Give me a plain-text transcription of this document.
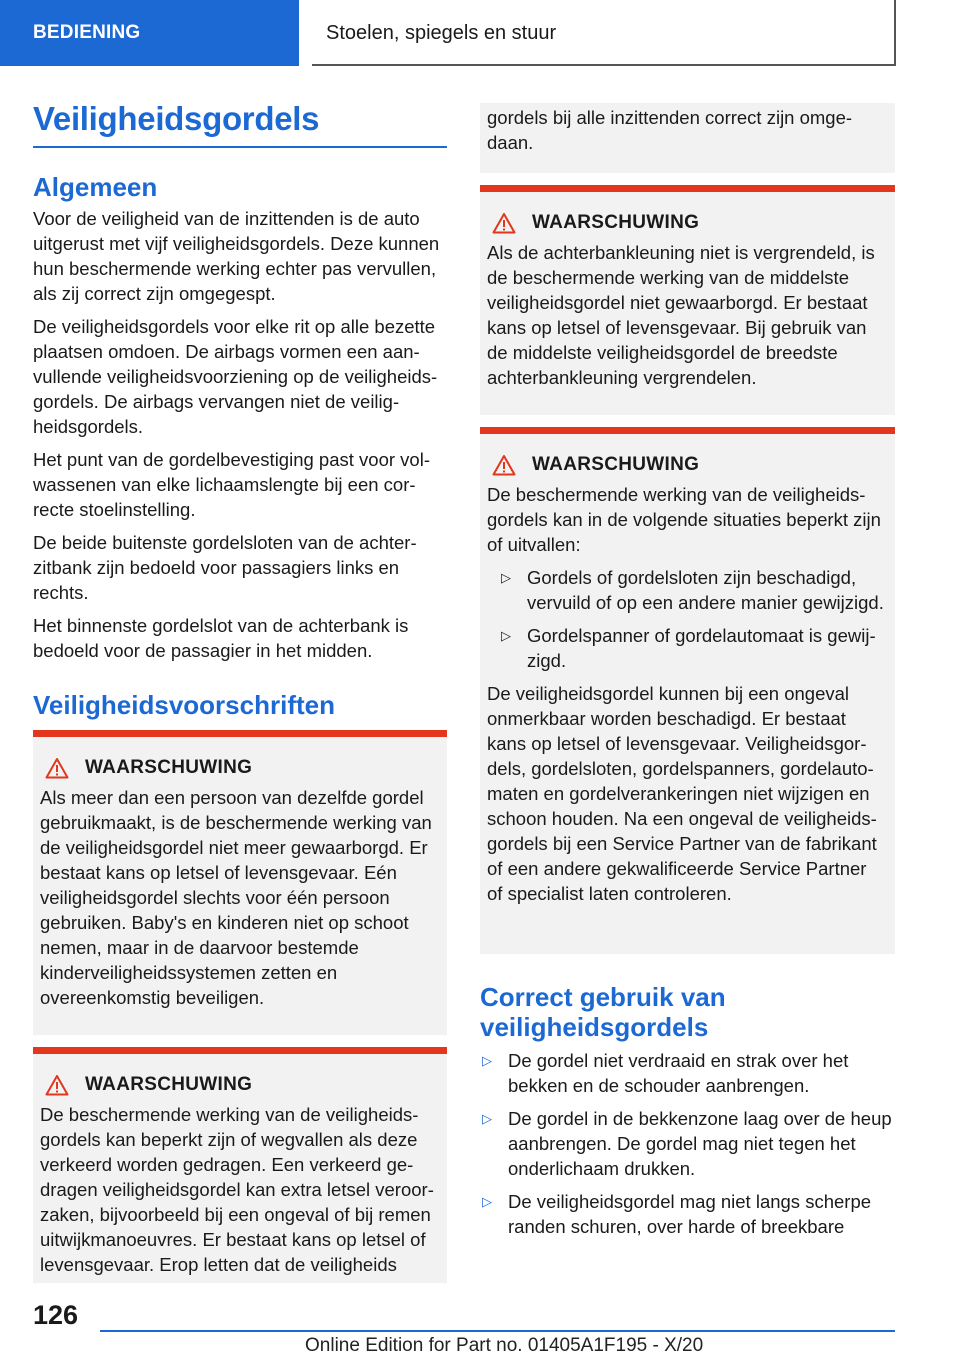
BEDIENING	Stoelen, spiegels en stuur
Veiligheidsgordels
Algemeen

Voor de veiligheid van de inzittenden is de auto uitgerust met vijf veiligheidsgordels. Deze kunnen hun beschermende werking echter pas vervullen, als zij correct zijn omgegespt.

De veiligheidsgordels voor elke rit op alle bezette plaatsen omdoen. De airbags vormen een aanvullende veiligheidsvoorziening op de veiligheidsgordels. De airbags vervangen niet de veiligheidsgordels.

Het punt van de gordelbevestiging past voor volwassenen van elke lichaamslengte bij een correcte stoelinstelling.

De beide buitenste gordelsloten van de achterzitbank zijn bedoeld voor passagiers links en rechts.

Het binnenste gordelslot van de achterbank is bedoeld voor de passagier in het midden.

Veiligheidsvoorschriften
WAARSCHUWING

Als meer dan een persoon van dezelfde gordel gebruikmaakt, is de beschermende werking van de veiligheidsgordel niet meer gewaarborgd. Er bestaat kans op letsel of levensgevaar. Eén veiligheidsgordel slechts voor één persoon gebruiken. Baby's en kinderen niet op schoot nemen, maar in de daarvoor bestemde kinderveiligheidssystemen zetten en overeenkomstig beveiligen.

WAARSCHUWING

De beschermende werking van de veiligheidsgordels kan beperkt zijn of wegvallen als deze verkeerd worden gedragen. Een verkeerd gedragen veiligheidsgordel kan extra letsel veroorzaken, bijvoorbeeld bij een ongeval of bij remen uitwijkmanoeuvres. Er bestaat kans op letsel of levensgevaar. Erop letten dat de veiligheids

gordels bij alle inzittenden correct zijn omgedaan.

WAARSCHUWING

Als de achterbankleuning niet is vergrendeld, is de beschermende werking van de middelste veiligheidsgordel niet gewaarborgd. Er bestaat kans op letsel of levensgevaar. Bij gebruik van de middelste veiligheidsgordel de breedste achterbankleuning vergrendelen.

WAARSCHUWING

De beschermende werking van de veiligheidsgordels kan in de volgende situaties beperkt zijn of uitvallen:

▷ Gordels of gordelsloten zijn beschadigd, vervuild of op een andere manier gewijzigd.
▷ Gordelspanner of gordelautomaat is gewijzigd.

De veiligheidsgordel kunnen bij een ongeval onmerkbaar worden beschadigd. Er bestaat kans op letsel of levensgevaar. Veiligheidsgordels, gordelsloten, gordelspanners, gordelautomaten en gordelverankeringen niet wijzigen en schoon houden. Na een ongeval de veiligheidsgordels bij een Service Partner van de fabrikant of een andere gekwalificeerde Service Partner of specialist laten controleren.

Correct gebruik van veiligheidsgordels
▷ De gordel niet verdraaid en strak over het bekken en de schouder aanbrengen.
▷ De gordel in de bekkenzone laag over de heup aanbrengen. De gordel mag niet tegen het onderlichaam drukken.
▷ De veiligheidsgordel mag niet langs scherpe randen schuren, over harde of breekbare
126
Online Edition for Part no. 01405A1F195 - X/20
